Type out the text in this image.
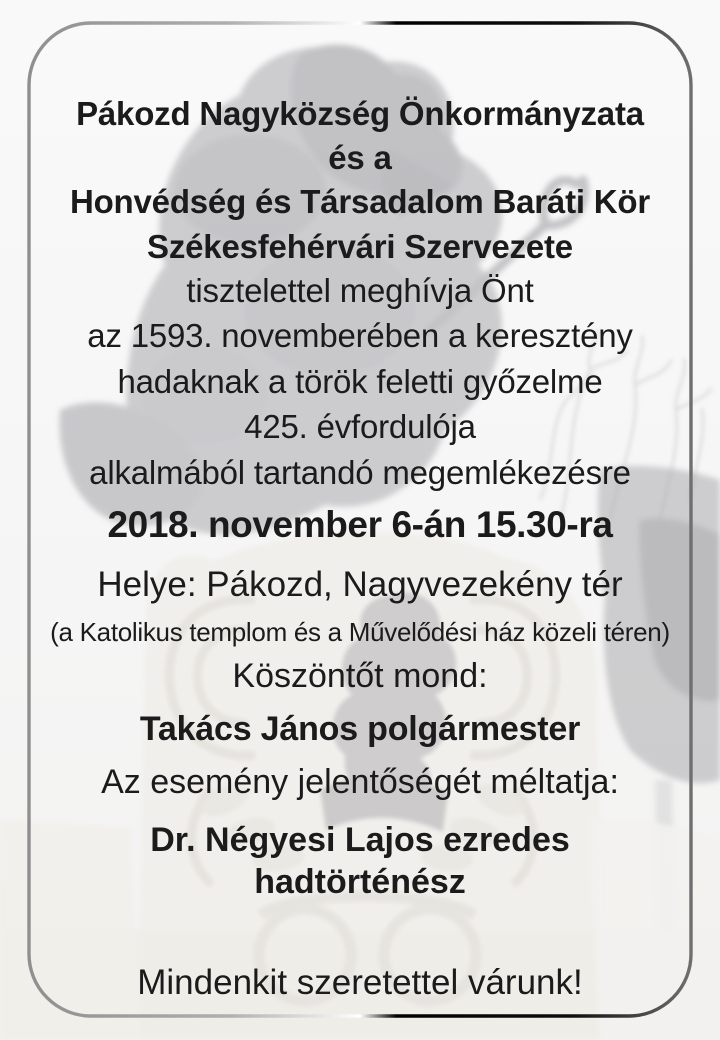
Pákozd Nagyközség Önkormányzata

és a

Honvédség és Társadalom Baráti Kör

Székesfehérvári Szervezete

tisztelettel meghívja Önt

az 1593. novemberében a keresztény

hadaknak a török feletti győzelme

425. évfordulója

alkalmából tartandó megemlékezésre

2018. november 6-án 15.30-ra

Helye: Pákozd, Nagyvezekény tér

(a Katolikus templom és a Művelődési ház közeli téren)

Köszöntőt mond:

Takács János polgármester

Az esemény jelentőségét méltatja:

Dr. Négyesi Lajos ezredes

hadtörténész

Mindenkit szeretettel várunk!
